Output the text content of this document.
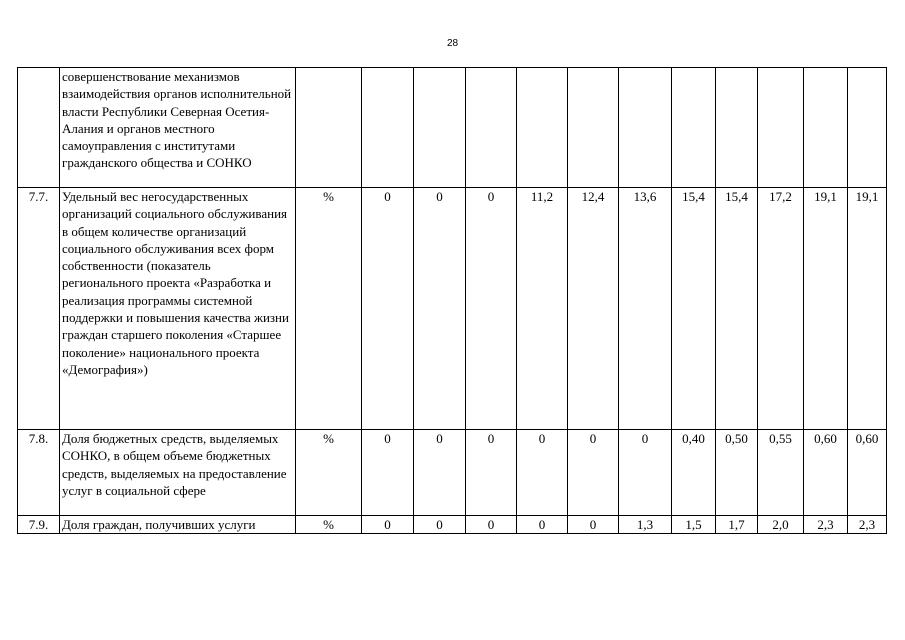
28
	совершенствование механизмов взаимодействия органов исполнительной власти Республики Северная Осетия-Алания и органов местного самоуправления с институтами гражданского общества и СОНКО												
7.7.	Удельный вес негосударственных организаций социального обслуживания в общем количестве организаций социального обслуживания всех форм собственности (показатель регионального проекта «Разработка и реализация программы системной поддержки и повышения качества жизни граждан старшего поколения «Старшее поколение» национального проекта «Демография»)	%	0	0	0	11,2	12,4	13,6	15,4	15,4	17,2	19,1	19,1
7.8.	Доля бюджетных средств, выделяемых СОНКО, в общем объеме бюджетных средств, выделяемых на предоставление услуг в социальной сфере	%	0	0	0	0	0	0	0,40	0,50	0,55	0,60	0,60
7.9.	Доля граждан, получивших услуги	%	0	0	0	0	0	1,3	1,5	1,7	2,0	2,3	2,3
